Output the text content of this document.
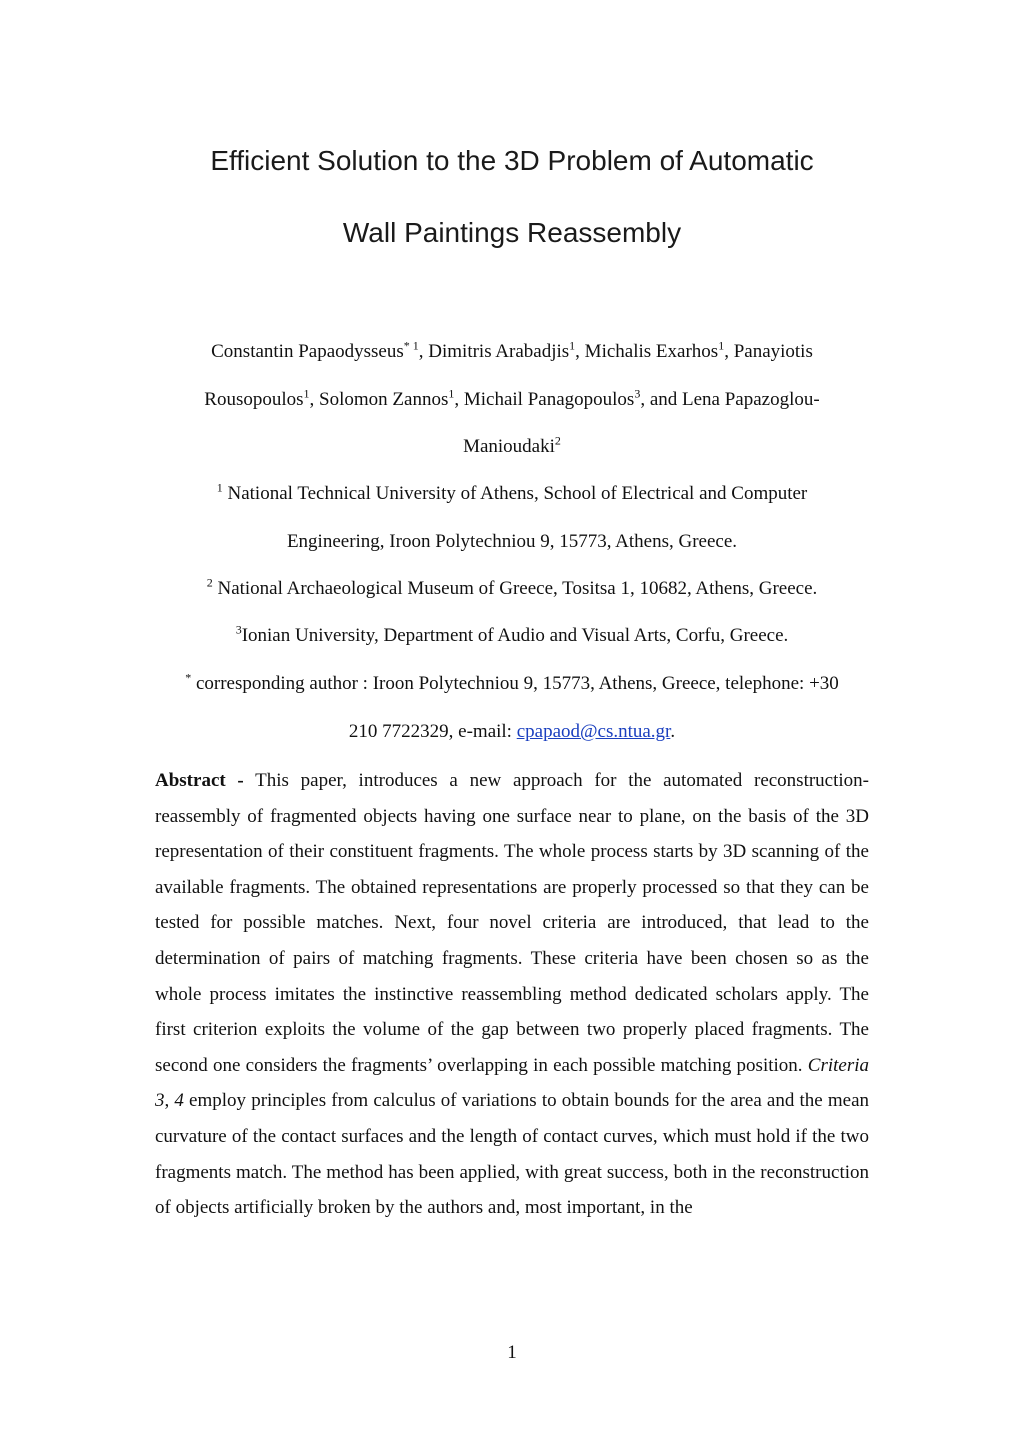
Efficient Solution to the 3D Problem of Automatic
Wall Paintings Reassembly
Constantin Papaodysseus$^{* 1}$, Dimitris Arabadjis$^1$, Michalis Exarhos$^1$, Panayiotis
Rousopoulos$^1$, Solomon Zannos$^1$, Michail Panagopoulos$^3$, and Lena Papazoglou-
Manioudaki$^2$
$^1$ National Technical University of Athens, School of Electrical and Computer
Engineering, Iroon Polytechniou 9, 15773, Athens, Greece.
$^2$ National Archaeological Museum of Greece, Tositsa 1, 10682, Athens, Greece.
$^3$Ionian University, Department of Audio and Visual Arts, Corfu, Greece.
* corresponding author : Iroon Polytechniou 9, 15773, Athens, Greece, telephone: +30
210 7722329, e-mail: cpapaod@cs.ntua.gr.

Abstract - This paper, introduces a new approach for the automated reconstruction-reassembly of fragmented objects having one surface near to plane, on the basis of the 3D representation of their constituent fragments. The whole process starts by 3D scanning of the available fragments. The obtained representations are properly processed so that they can be tested for possible matches. Next, four novel criteria are introduced, that lead to the determination of pairs of matching fragments. These criteria have been chosen so as the whole process imitates the instinctive reassembling method dedicated scholars apply. The first criterion exploits the volume of the gap between two properly placed fragments. The second one considers the fragments’ overlapping in each possible matching position. Criteria 3, 4 employ principles from calculus of variations to obtain bounds for the area and the mean curvature of the contact surfaces and the length of contact curves, which must hold if the two fragments match. The method has been applied, with great success, both in the reconstruction of objects artificially broken by the authors and, most important, in the

1
